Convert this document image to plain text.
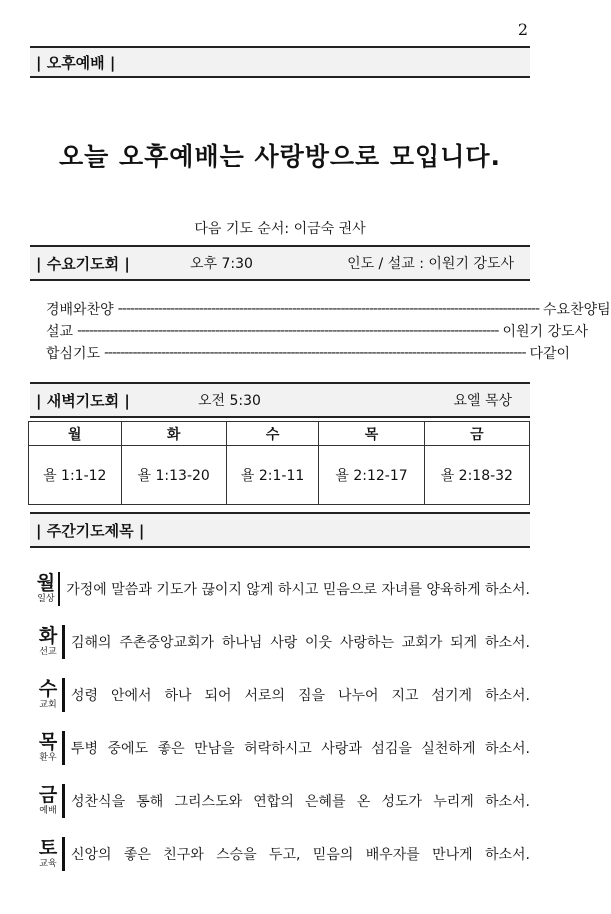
2
| 오후예배 |
오늘 오후예배는 사랑방으로 모입니다.
다음 기도 순서: 이금숙 권사
| 수요기도회 |	오후 7:30	인도 / 설교 : 이원기 강도사
경배와찬양 -------------------------------------------------------------------------------------------------------- 수요찬양팀
설교 -------------------------------------------------------------------------------------------------------- 이원기 강도사
합심기도 -------------------------------------------------------------------------------------------------------- 다같이
| 새벽기도회 |	오전 5:30	요엘 목상
월	화	수	목	금
욜 1:1-12	욜 1:13-20	욜 2:1-11	욜 2:12-17	욜 2:18-32
| 주간기도제목 |
월
일상
가정에 말씀과 기도가 끊이지 않게 하시고 믿음으로 자녀를 양육하게 하소서.
화
선교
김해의 주촌중앙교회가 하나님 사랑 이웃 사랑하는 교회가 되게 하소서.
수
교회
성령 안에서 하나 되어 서로의 짐을 나누어 지고 섬기게 하소서.
목
환우
투병 중에도 좋은 만남을 허락하시고 사랑과 섬김을 실천하게 하소서.
금
예배
성찬식을 통해 그리스도와 연합의 은혜를 온 성도가 누리게 하소서.
토
교육
신앙의 좋은 친구와 스승을 두고, 믿음의 배우자를 만나게 하소서.
